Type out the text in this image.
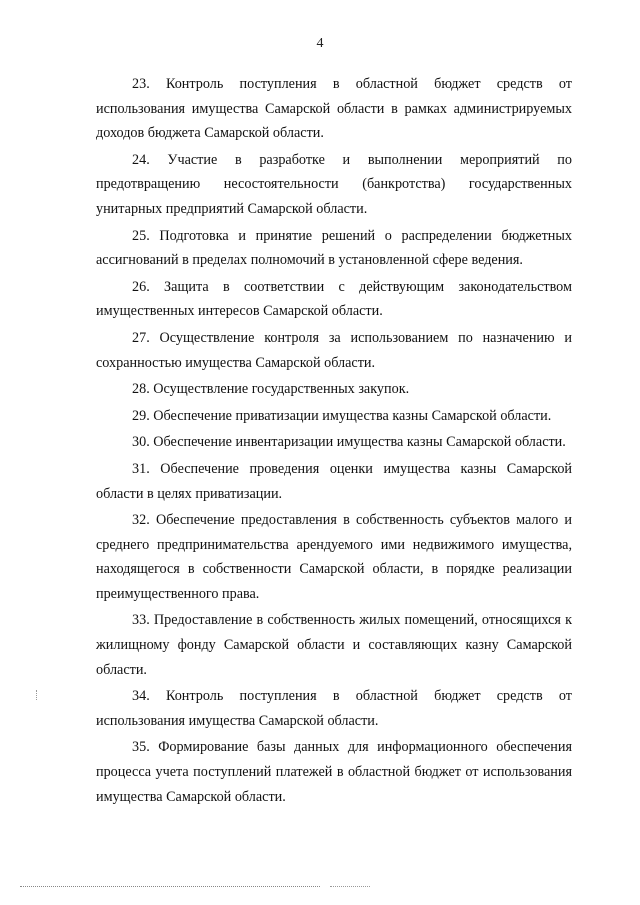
4

23. Контроль поступления в областной бюджет средств от использования имущества Самарской области в рамках администрируемых доходов бюджета Самарской области.

24. Участие в разработке и выполнении мероприятий по предотвращению несостоятельности (банкротства) государственных унитарных предприятий Самарской области.

25. Подготовка и принятие решений о распределении бюджетных ассигнований в пределах полномочий в установленной сфере ведения.

26. Защита в соответствии с действующим законодательством имущественных интересов Самарской области.

27. Осуществление контроля за использованием по назначению и сохранностью имущества Самарской области.

28. Осуществление государственных закупок.

29. Обеспечение приватизации имущества казны Самарской области.

30. Обеспечение инвентаризации имущества казны Самарской области.

31. Обеспечение проведения оценки имущества казны Самарской области в целях приватизации.

32. Обеспечение предоставления в собственность субъектов малого и среднего предпринимательства арендуемого ими недвижимого имущества, находящегося в собственности Самарской области, в порядке реализации преимущественного права.

33. Предоставление в собственность жилых помещений, относящихся к жилищному фонду Самарской области и составляющих казну Самарской области.

34. Контроль поступления в областной бюджет средств от использования имущества Самарской области.

35. Формирование базы данных для информационного обеспечения процесса учета поступлений платежей в областной бюджет от использования имущества Самарской области.
